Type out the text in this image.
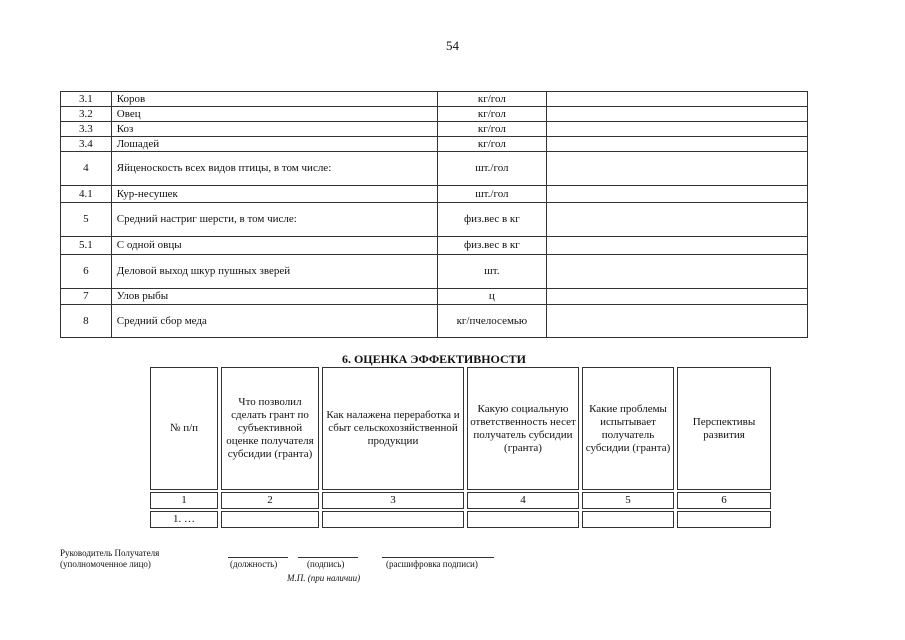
54
3.1	Коров	кг/гол	
3.2	Овец	кг/гол	
3.3	Коз	кг/гол	
3.4	Лошадей	кг/гол	
4	Яйценоскость всех видов птицы, в том числе:	шт./гол	
4.1	Кур-несушек	шт./гол	
5	Средний настриг шерсти, в том числе:	физ.вес в кг	
5.1	С одной овцы	физ.вес в кг	
6	Деловой выход шкур пушных зверей	шт.	
7	Улов рыбы	ц	
8	Средний сбор меда	кг/пчелосемью	
6. ОЦЕНКА ЭФФЕКТИВНОСТИ
№ п/п	Что позволил сделать грант по субъективной оценке получателя субсидии (гранта)	Как налажена переработка и сбыт сельскохозяйственной продукции	Какую социальную ответственность несет получатель субсидии (гранта)	Какие проблемы испытывает получатель субсидии (гранта)	Перспективы развития

1	2	3	4	5	6

1. …					
Руководитель Получателя
(уполномоченное лицо)	(должность)	(подпись)	(расшифровка подписи)
М.П. (при наличии)
